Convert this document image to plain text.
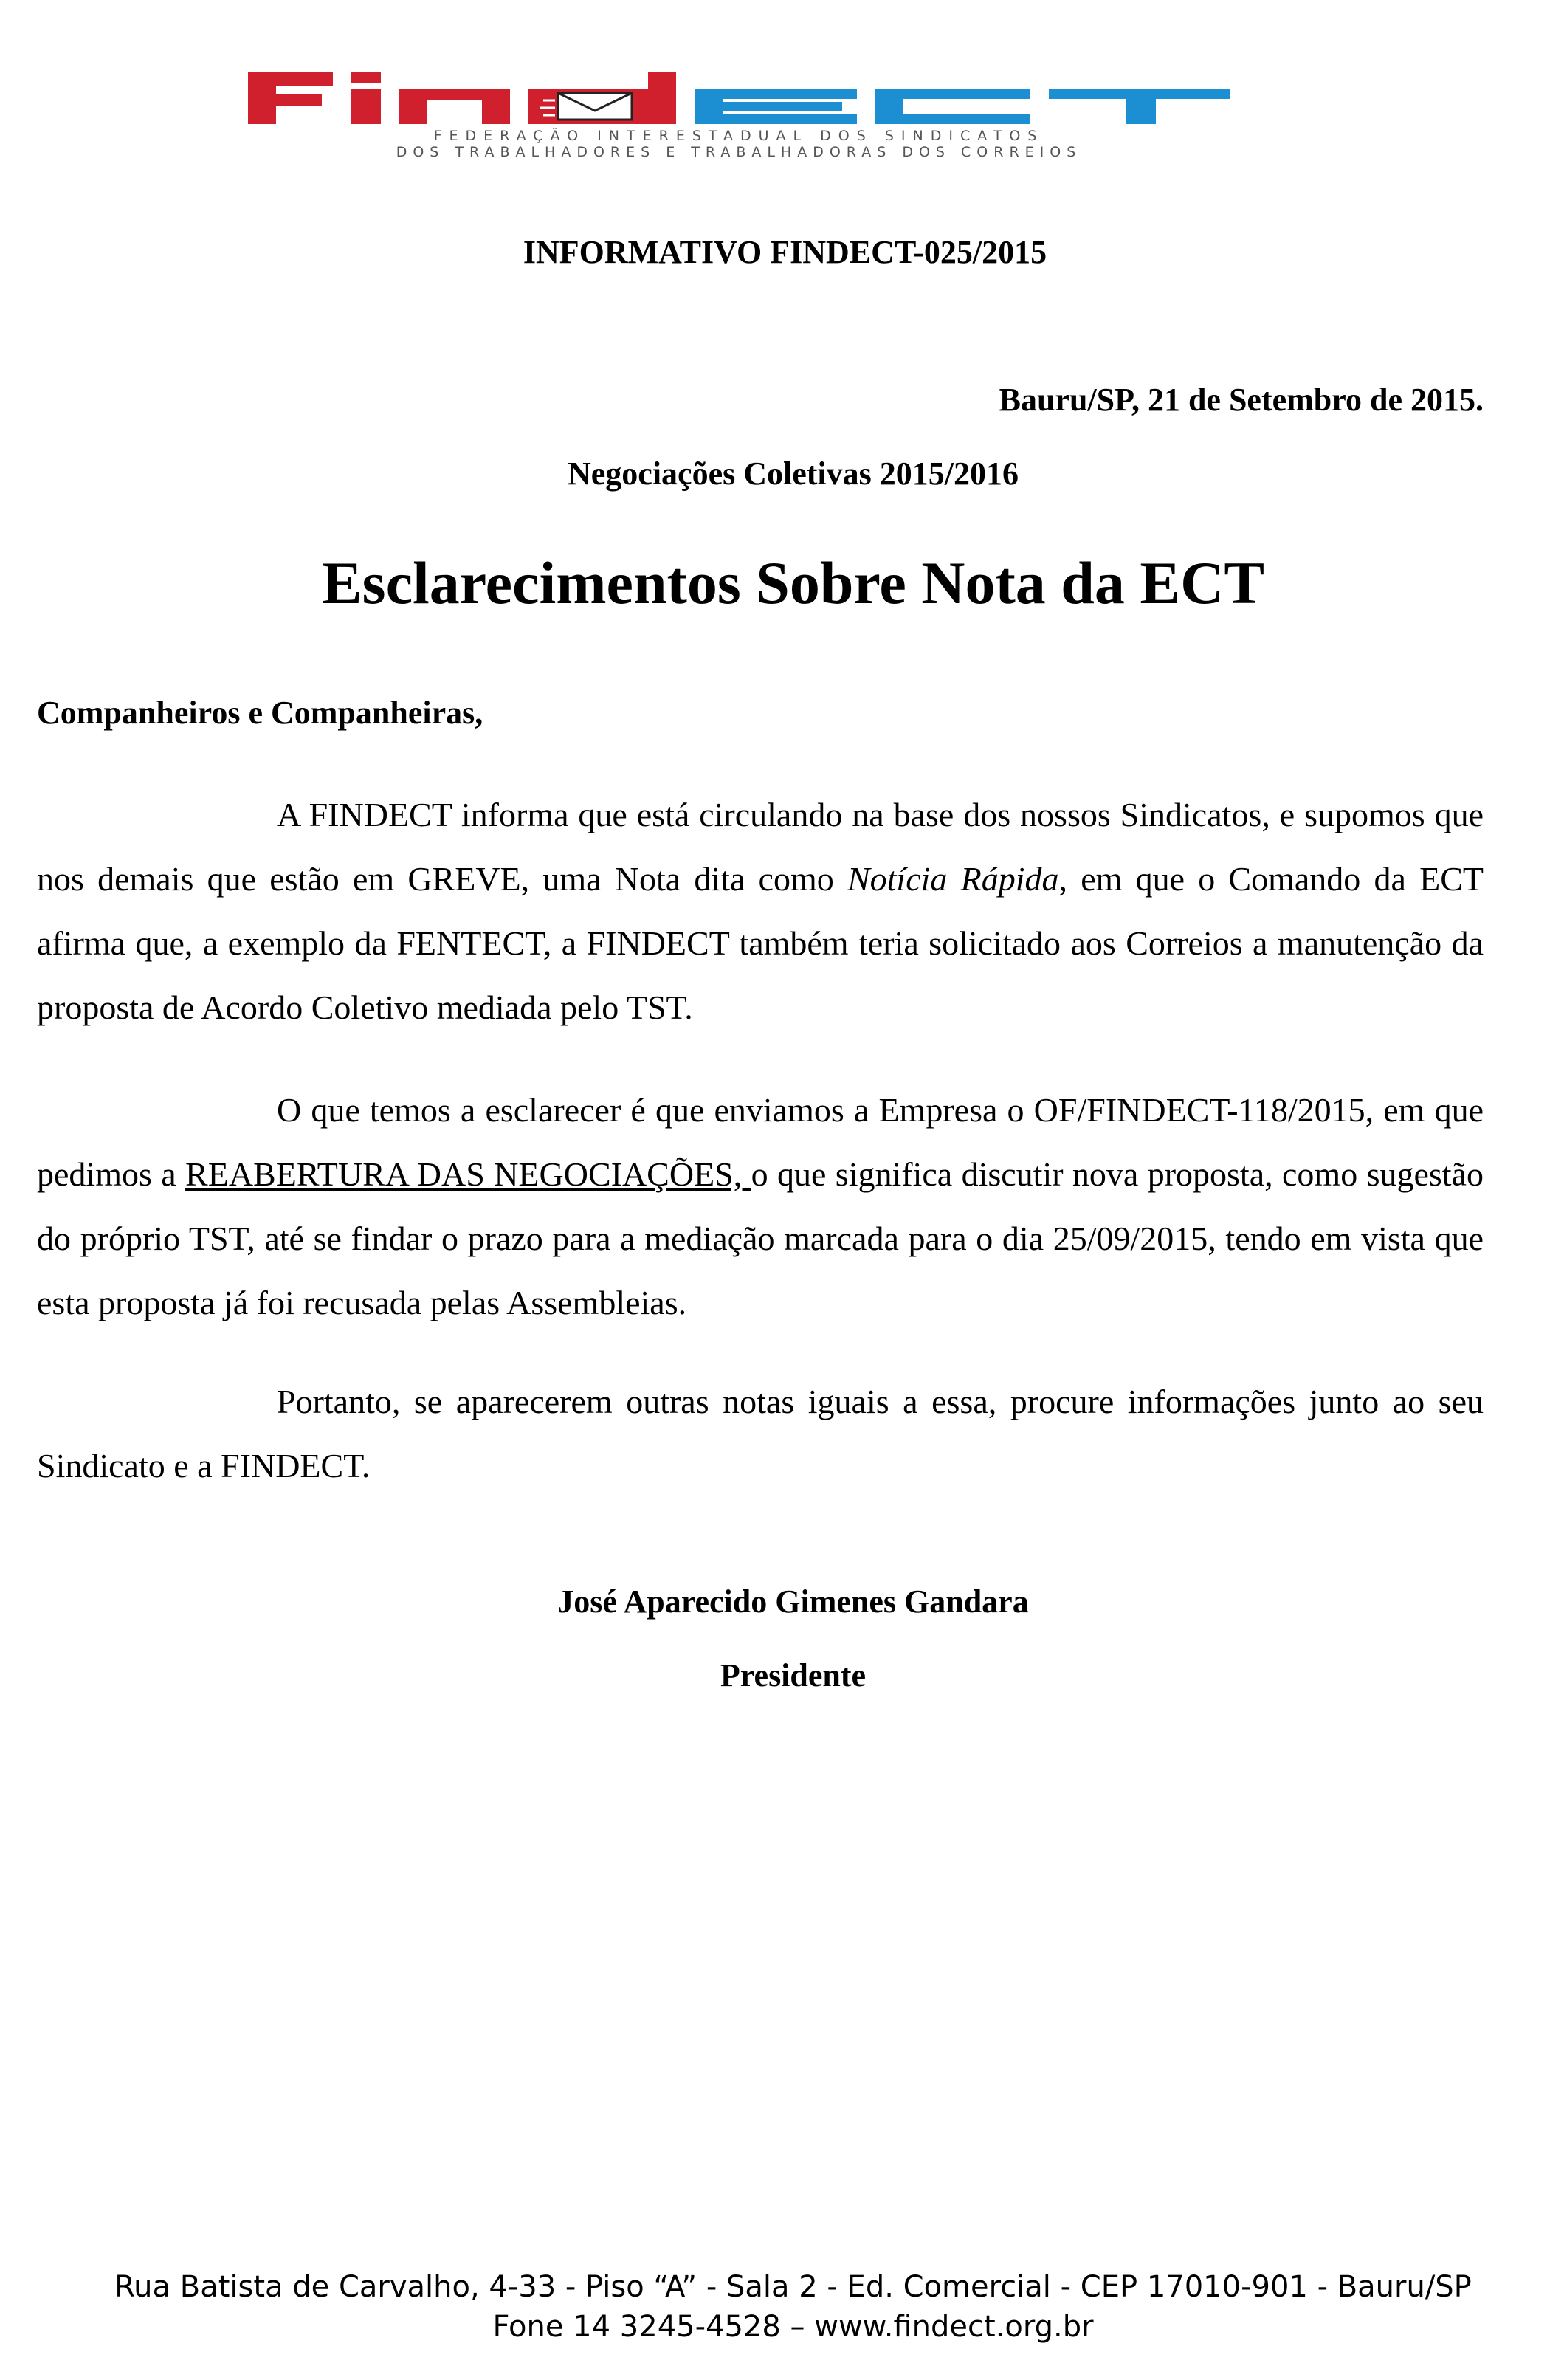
FEDERAÇÃO INTERESTADUAL DOS SINDICATOS
DOS TRABALHADORES E TRABALHADORAS DOS CORREIOS
INFORMATIVO FINDECT-025/2015
Bauru/SP, 21 de Setembro de 2015.
Negociações Coletivas 2015/2016
Esclarecimentos Sobre Nota da ECT
Companheiros e Companheiras,

A FINDECT informa que está circulando na base dos nossos Sindicatos, e supomos que nos demais que estão em GREVE, uma Nota dita como Notícia Rápida, em que o Comando da ECT afirma que, a exemplo da FENTECT, a FINDECT também teria solicitado aos Correios a manutenção da proposta de Acordo Coletivo mediada pelo TST.

O que temos a esclarecer é que enviamos a Empresa o OF/FINDECT-118/2015, em que pedimos a REABERTURA DAS NEGOCIAÇÕES, o que significa discutir nova proposta, como sugestão do próprio TST, até se findar o prazo para a mediação marcada para o dia 25/09/2015, tendo em vista que esta proposta já foi recusada pelas Assembleias.

Portanto, se aparecerem outras notas iguais a essa, procure informações junto ao seu Sindicato e a FINDECT.

José Aparecido Gimenes Gandara
Presidente
Rua Batista de Carvalho, 4-33 - Piso “A” - Sala 2 - Ed. Comercial - CEP 17010-901 - Bauru/SP
Fone 14 3245-4528 – www.findect.org.br
